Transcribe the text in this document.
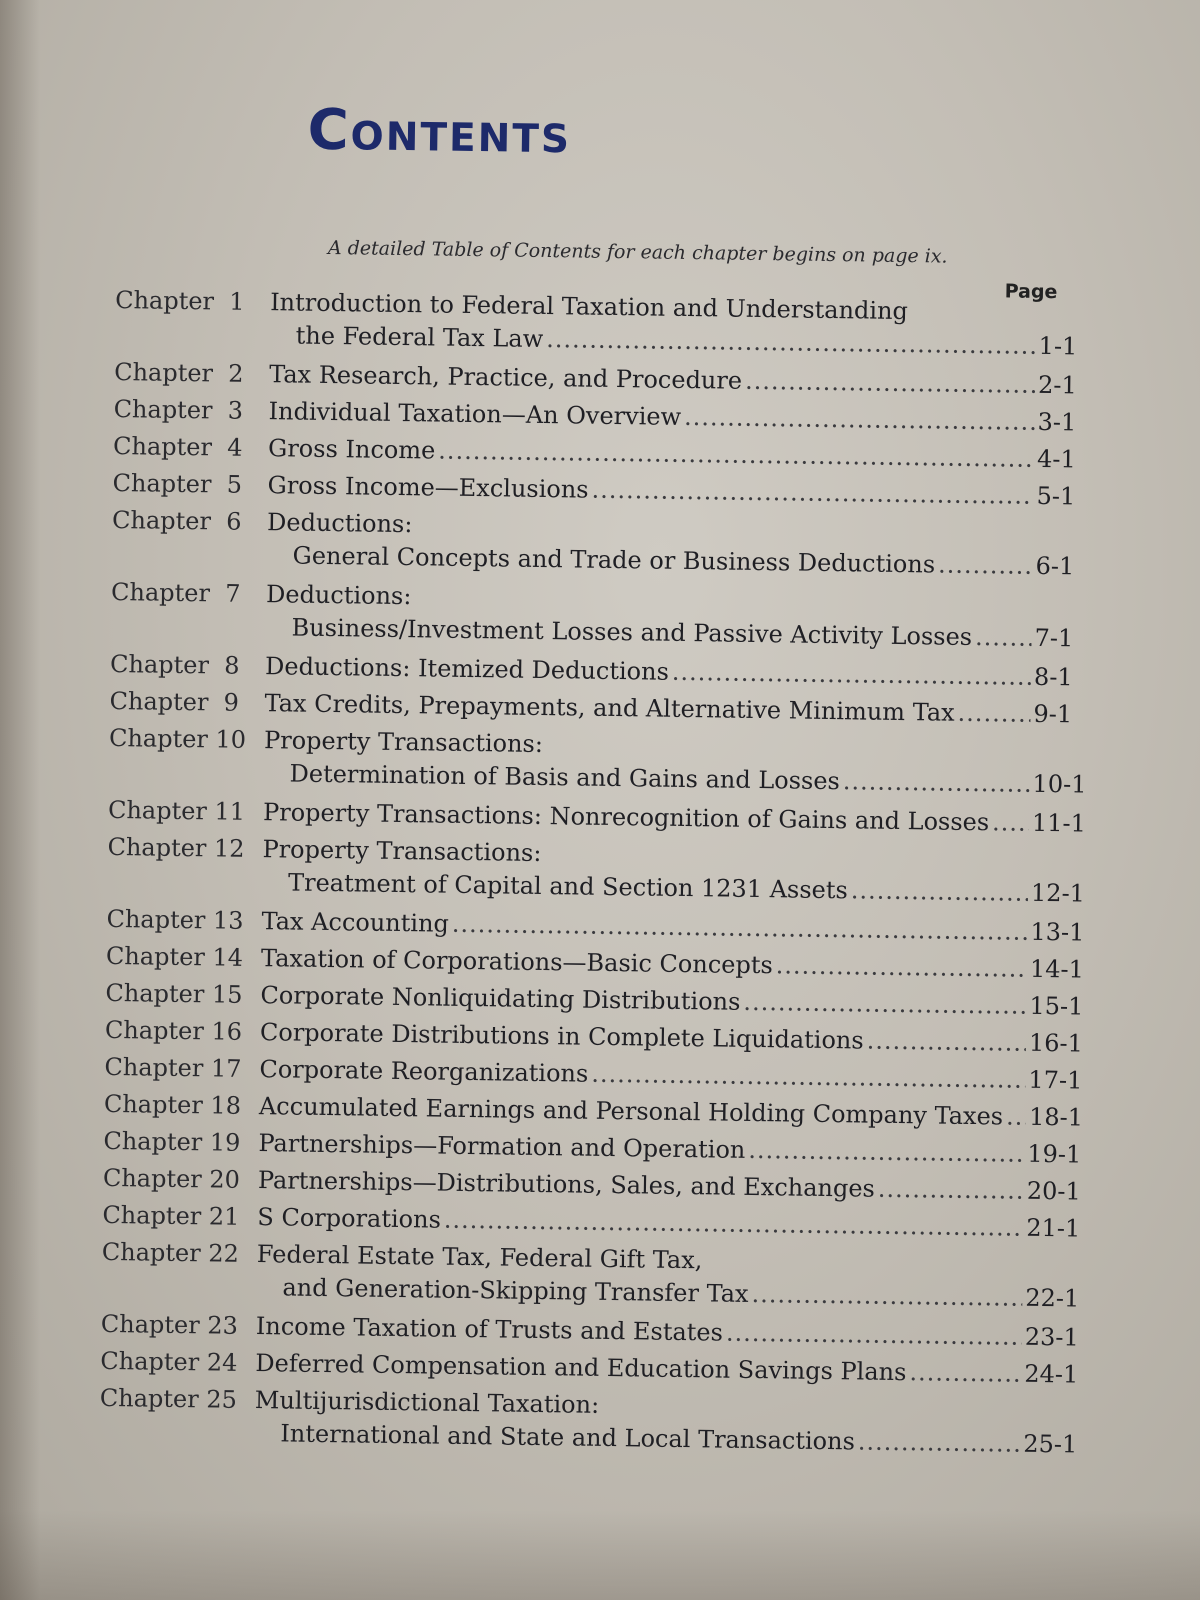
Contents
A detailed Table of Contents for each chapter begins on page ix.
Page
Chapter  1	Introduction to Federal Taxation and Understanding
the Federal Tax Law .....	1-1
Chapter  2	Tax Research, Practice, and Procedure .....	2-1
Chapter  3	Individual Taxation—An Overview .....	3-1
Chapter  4	Gross Income .....	4-1
Chapter  5	Gross Income—Exclusions .....	5-1
Chapter  6	Deductions:
General Concepts and Trade or Business Deductions .....	6-1
Chapter  7	Deductions:
Business/Investment Losses and Passive Activity Losses .....	7-1
Chapter  8	Deductions: Itemized Deductions .....	8-1
Chapter  9	Tax Credits, Prepayments, and Alternative Minimum Tax .....	9-1
Chapter 10 Property Transactions:
Determination of Basis and Gains and Losses .....	10-1
Chapter 11 Property Transactions: Nonrecognition of Gains and Losses ..... 11-1
Chapter 12 Property Transactions:
Treatment of Capital and Section 1231 Assets .....	12-1
Chapter 13 Tax Accounting .....	13-1
Chapter 14 Taxation of Corporations—Basic Concepts .....	14-1
Chapter 15 Corporate Nonliquidating Distributions .....	15-1
Chapter 16 Corporate Distributions in Complete Liquidations .....	16-1
Chapter 17 Corporate Reorganizations .....	17-1
Chapter 18 Accumulated Earnings and Personal Holding Company Taxes ..... 18-1
Chapter 19 Partnerships—Formation and Operation .....	19-1
Chapter 20 Partnerships—Distributions, Sales, and Exchanges .....	20-1
Chapter 21 S Corporations .....	21-1
Chapter 22 Federal Estate Tax, Federal Gift Tax,
and Generation-Skipping Transfer Tax .....	22-1
Chapter 23 Income Taxation of Trusts and Estates .....	23-1
Chapter 24 Deferred Compensation and Education Savings Plans .....	24-1
Chapter 25 Multijurisdictional Taxation:
International and State and Local Transactions .....	25-1
